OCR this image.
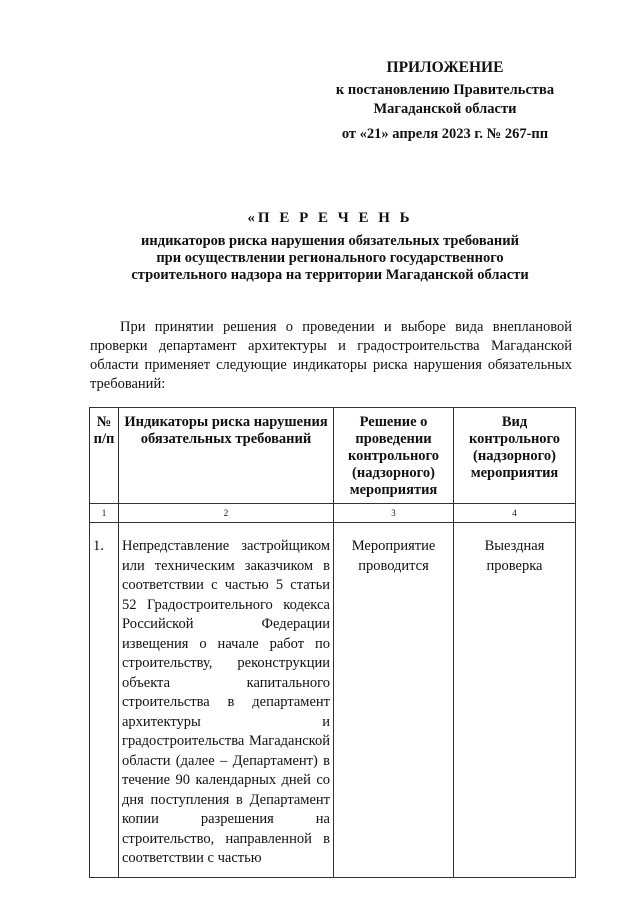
ПРИЛОЖЕНИЕ
к постановлению Правительства
Магаданской области
от «21» апреля 2023 г. № 267-пп
«П Е Р Е Ч Е Н Ь
индикаторов риска нарушения обязательных требований
при осуществлении регионального государственного
строительного надзора на территории Магаданской области

При принятии решения о проведении и выборе вида внеплановой проверки департамент архитектуры и градостроительства Магаданской области применяет следующие индикаторы риска нарушения обязательных требований:

№ п/п	Индикаторы риска нарушения обязательных требований	Решение о проведении контрольного (надзорного) мероприятия	Вид контрольного (надзорного) мероприятия
1	2	3	4
1.	Непредставление застройщиком или техническим заказчиком в соответствии с частью 5 статьи 52 Градостроительного кодекса Российской Федерации извещения о начале работ по строительству, реконструкции объекта капитального строительства в департамент архитектуры и градостроительства Магаданской области (далее – Департамент) в течение 90 календарных дней со дня поступления в Департамент копии разрешения на строительство, направленной в соответствии с частью	Мероприятие проводится	Выездная проверка
